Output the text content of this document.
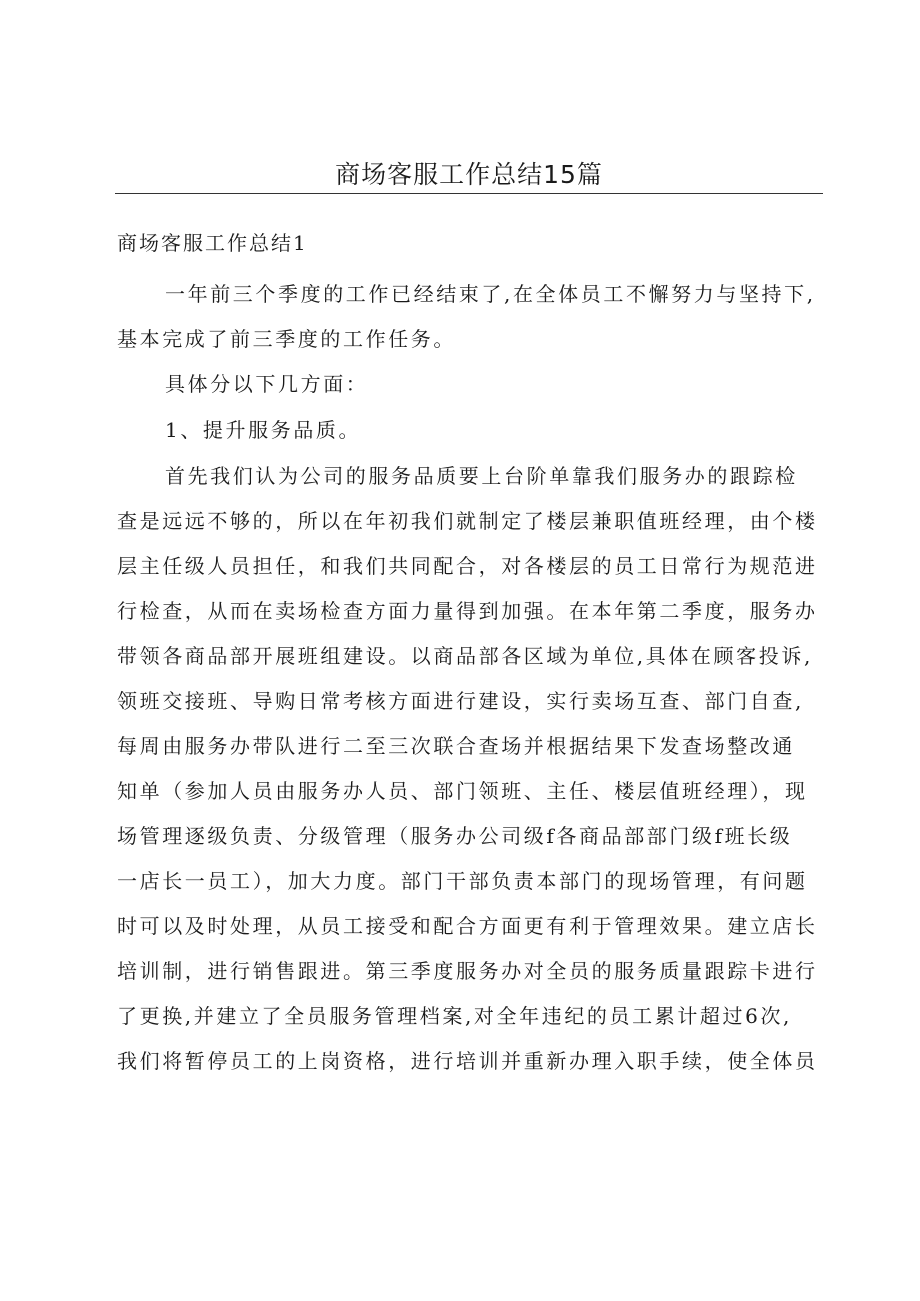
商场客服工作总结15篇
商场客服工作总结1
一年前三个季度的工作已经结束了,在全体员工不懈努力与坚持下,
基本完成了前三季度的工作任务。
具体分以下几方面：
1、提升服务品质。
首先我们认为公司的服务品质要上台阶单靠我们服务办的跟踪检
查是远远不够的，所以在年初我们就制定了楼层兼职值班经理，由个楼
层主任级人员担任，和我们共同配合，对各楼层的员工日常行为规范进
行检查，从而在卖场检查方面力量得到加强。在本年第二季度，服务办
带领各商品部开展班组建设。以商品部各区域为单位,具体在顾客投诉,
领班交接班、导购日常考核方面进行建设，实行卖场互查、部门自查,
每周由服务办带队进行二至三次联合查场并根据结果下发查场整改通
知单（参加人员由服务办人员、部门领班、主任、楼层值班经理），现
场管理逐级负责、分级管理（服务办公司级f各商品部部门级f班长级
一店长一员工），加大力度。部门干部负责本部门的现场管理，有问题
时可以及时处理，从员工接受和配合方面更有利于管理效果。建立店长
培训制，进行销售跟进。第三季度服务办对全员的服务质量跟踪卡进行
了更换,并建立了全员服务管理档案,对全年违纪的员工累计超过6次,
我们将暂停员工的上岗资格，进行培训并重新办理入职手续，使全体员
